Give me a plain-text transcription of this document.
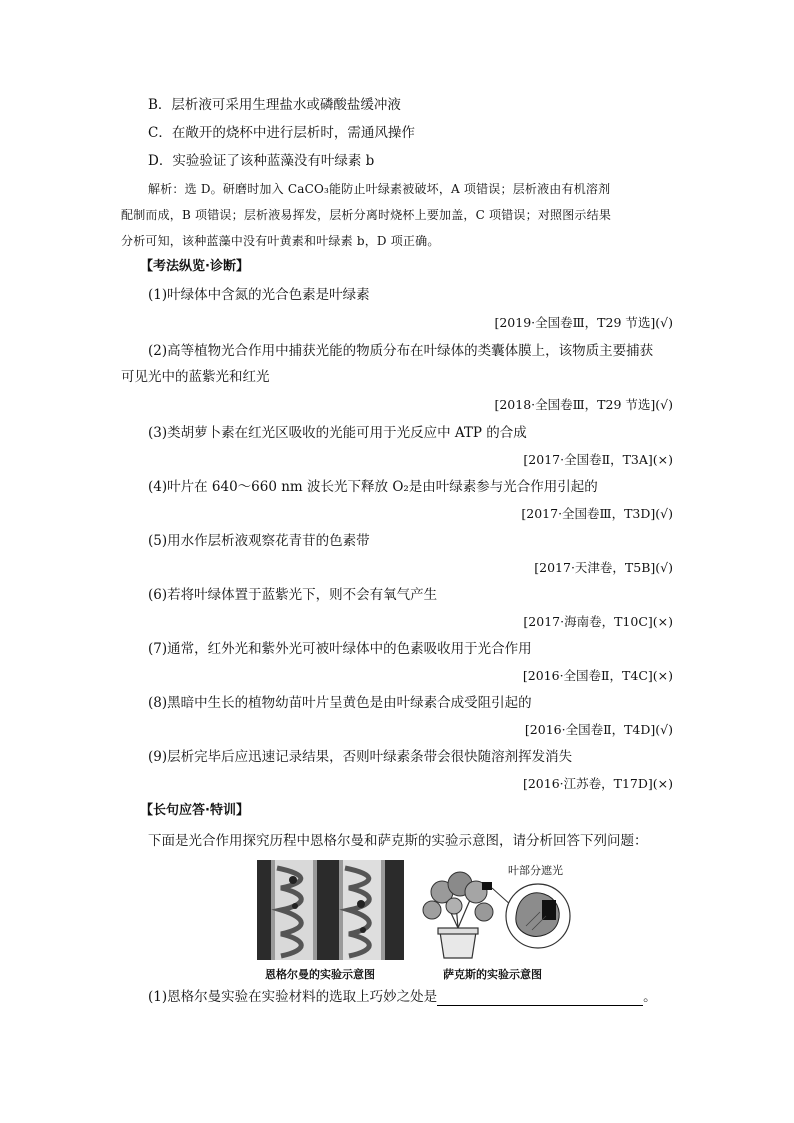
B．层析液可采用生理盐水或磷酸盐缓冲液
C．在敞开的烧杯中进行层析时，需通风操作
D．实验验证了该种蓝藻没有叶绿素 b
解析：选 D。研磨时加入 CaCO₃能防止叶绿素被破坏，A 项错误；层析液由有机溶剂
配制而成，B 项错误；层析液易挥发，层析分离时烧杯上要加盖，C 项错误；对照图示结果
分析可知，该种蓝藻中没有叶黄素和叶绿素 b，D 项正确。
【考法纵览·诊断】
(1)叶绿体中含氮的光合色素是叶绿素
[2019·全国卷Ⅲ，T29 节选](√)
(2)高等植物光合作用中捕获光能的物质分布在叶绿体的类囊体膜上，该物质主要捕获
可见光中的蓝紫光和红光
[2018·全国卷Ⅲ，T29 节选](√)
(3)类胡萝卜素在红光区吸收的光能可用于光反应中 ATP 的合成
[2017·全国卷Ⅱ，T3A](×)
(4)叶片在 640～660 nm 波长光下释放 O₂是由叶绿素参与光合作用引起的
[2017·全国卷Ⅲ，T3D](√)
(5)用水作层析液观察花青苷的色素带
[2017·天津卷，T5B](√)
(6)若将叶绿体置于蓝紫光下，则不会有氧气产生
[2017·海南卷，T10C](×)
(7)通常，红外光和紫外光可被叶绿体中的色素吸收用于光合作用
[2016·全国卷Ⅱ，T4C](×)
(8)黑暗中生长的植物幼苗叶片呈黄色是由叶绿素合成受阻引起的
[2016·全国卷Ⅱ，T4D](√)
(9)层析完毕后应迅速记录结果，否则叶绿素条带会很快随溶剂挥发消失
[2016·江苏卷，T17D](×)
【长句应答·特训】
下面是光合作用探究历程中恩格尔曼和萨克斯的实验示意图，请分析回答下列问题：
恩格尔曼的实验示意图
叶部分遮光
萨克斯的实验示意图
(1)恩格尔曼实验在实验材料的选取上巧妙之处是	。
